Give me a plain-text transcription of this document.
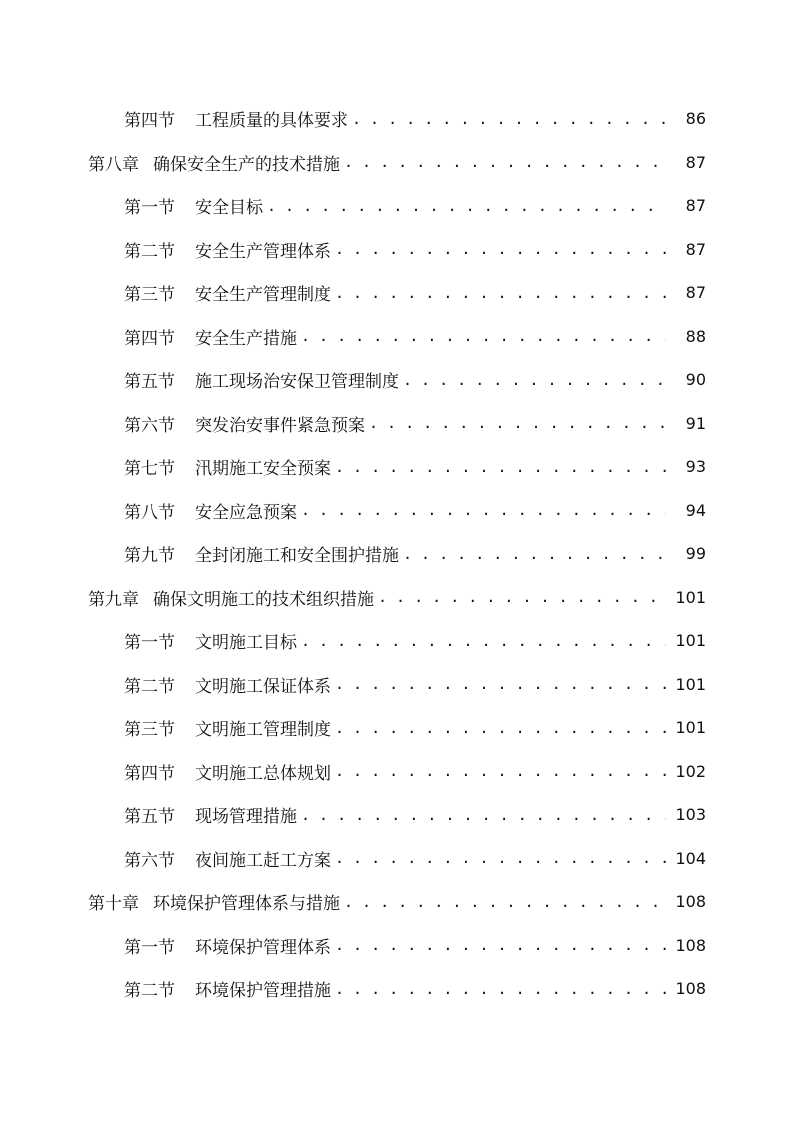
第四节 工程质量的具体要求 . . .	86
第八章 确保安全生产的技术措施 . . .	87
第一节 安全目标 . . .	87
第二节 安全生产管理体系 . . .	87
第三节 安全生产管理制度 . . .	87
第四节 安全生产措施 . . .	88
第五节 施工现场治安保卫管理制度 . . .	90
第六节 突发治安事件紧急预案 . . .	91
第七节 汛期施工安全预案 . . .	93
第八节 安全应急预案 . . .	94
第九节 全封闭施工和安全围护措施 . . .	99
第九章 确保文明施工的技术组织措施 . . .	101
第一节 文明施工目标 . . .	101
第二节 文明施工保证体系 . . .	101
第三节 文明施工管理制度 . . .	101
第四节 文明施工总体规划 . . .	102
第五节 现场管理措施 . . .	103
第六节 夜间施工赶工方案 . . .	104
第十章 环境保护管理体系与措施 . . .	108
第一节 环境保护管理体系 . . .	108
第二节 环境保护管理措施 . . .	108
